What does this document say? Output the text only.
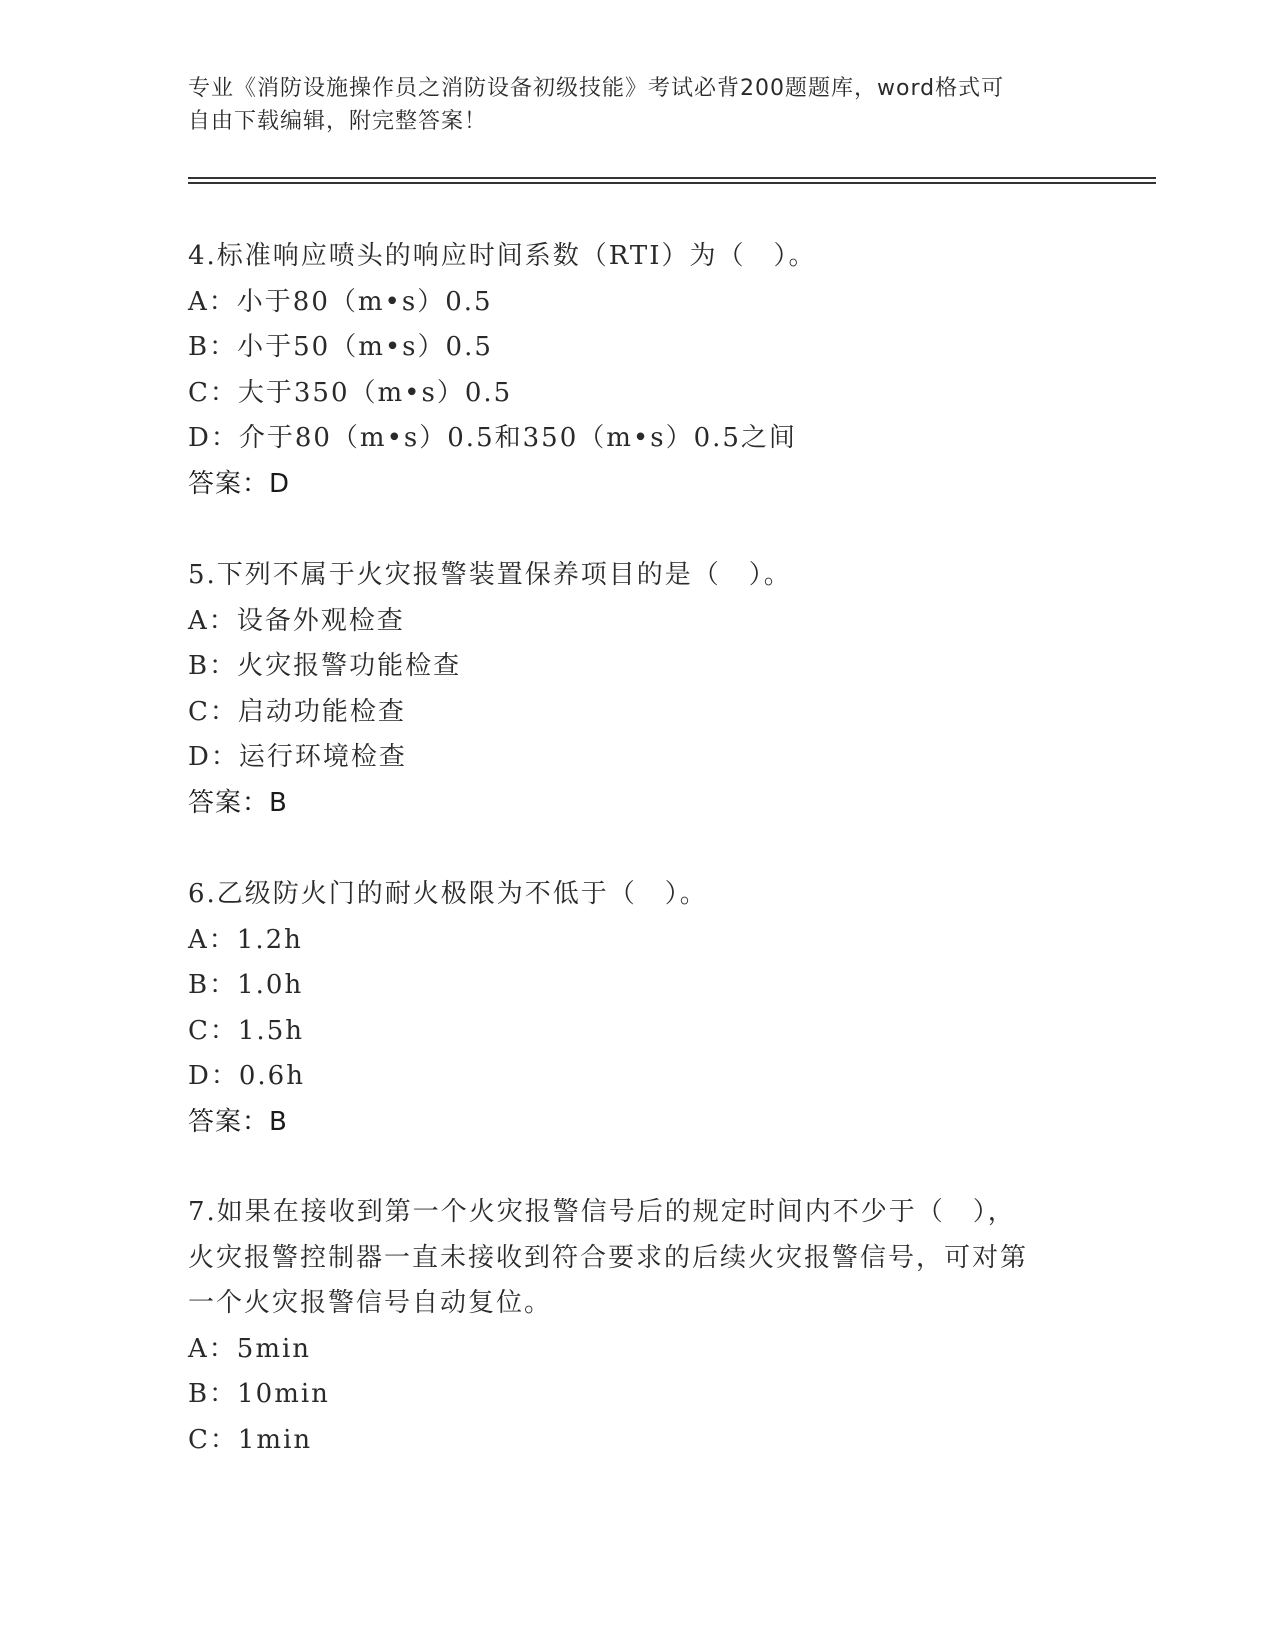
专业《消防设施操作员之消防设备初级技能》考试必背200题题库，word格式可
自由下载编辑，附完整答案！
4.标准响应喷头的响应时间系数（RTI）为（　）。
A：小于80（m•s）0.5
B：小于50（m•s）0.5
C：大于350（m•s）0.5
D：介于80（m•s）0.5和350（m•s）0.5之间
答案：D
5.下列不属于火灾报警装置保养项目的是（　）。
A：设备外观检查
B：火灾报警功能检查
C：启动功能检查
D：运行环境检查
答案：B
6.乙级防火门的耐火极限为不低于（　）。
A：1.2h
B：1.0h
C：1.5h
D：0.6h
答案：B
7.如果在接收到第一个火灾报警信号后的规定时间内不少于（　），
火灾报警控制器一直未接收到符合要求的后续火灾报警信号，可对第
一个火灾报警信号自动复位。
A：5min
B：10min
C：1min
